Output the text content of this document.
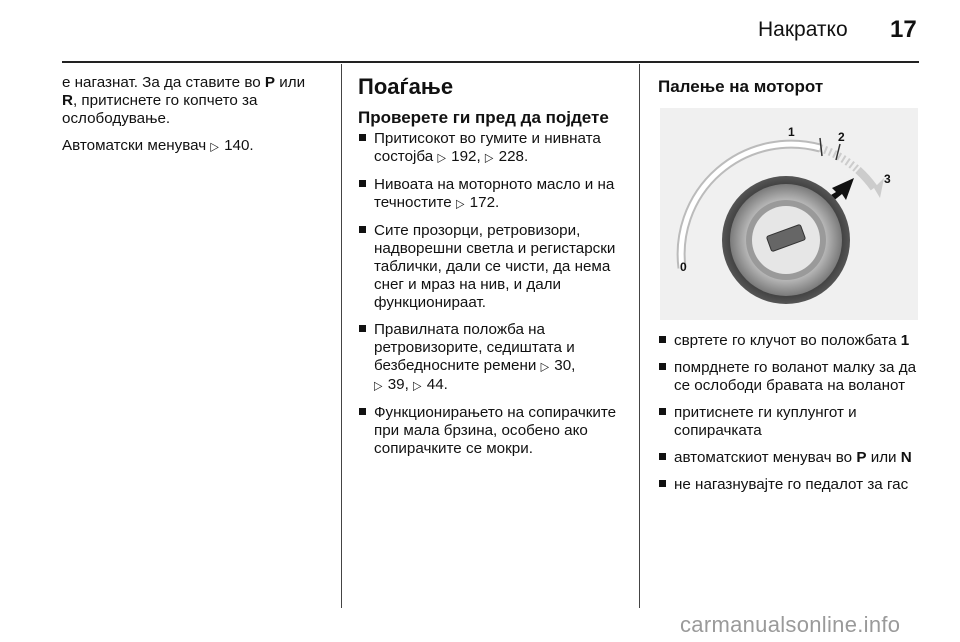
Накратко 17

е нагазнат. За да ставите во P или
R, притиснете го копчето за ослободување.

Автоматски менувач ▷ 140.

Поаѓање
Проверете ги пред да појдете
Притисокот во гумите и нивната состојба ▷ 192, ▷ 228.
Нивоата на моторното масло и на течностите ▷ 172.
Сите прозорци, ретровизори, надворешни светла и регистарски таблички, дали се чисти, да нема снег и мраз на нив, и дали функционираат.
Правилната положба на ретровизорите, седиштата и безбедносните ремени ▷ 30,
▷ 39, ▷ 44.
Функционирањето на сопирачките при мала брзина, особено ако сопирачките се мокри.
Палење на моторот
1	2
3
0
свртете го клучот во положбата 1
помрднете го воланот малку за да се ослободи бравата на воланот
притиснете ги куплунгот и сопирачката
автоматскиот менувач во P или N
не нагазнувајте го педалот за гас
carmanualsonline.info
